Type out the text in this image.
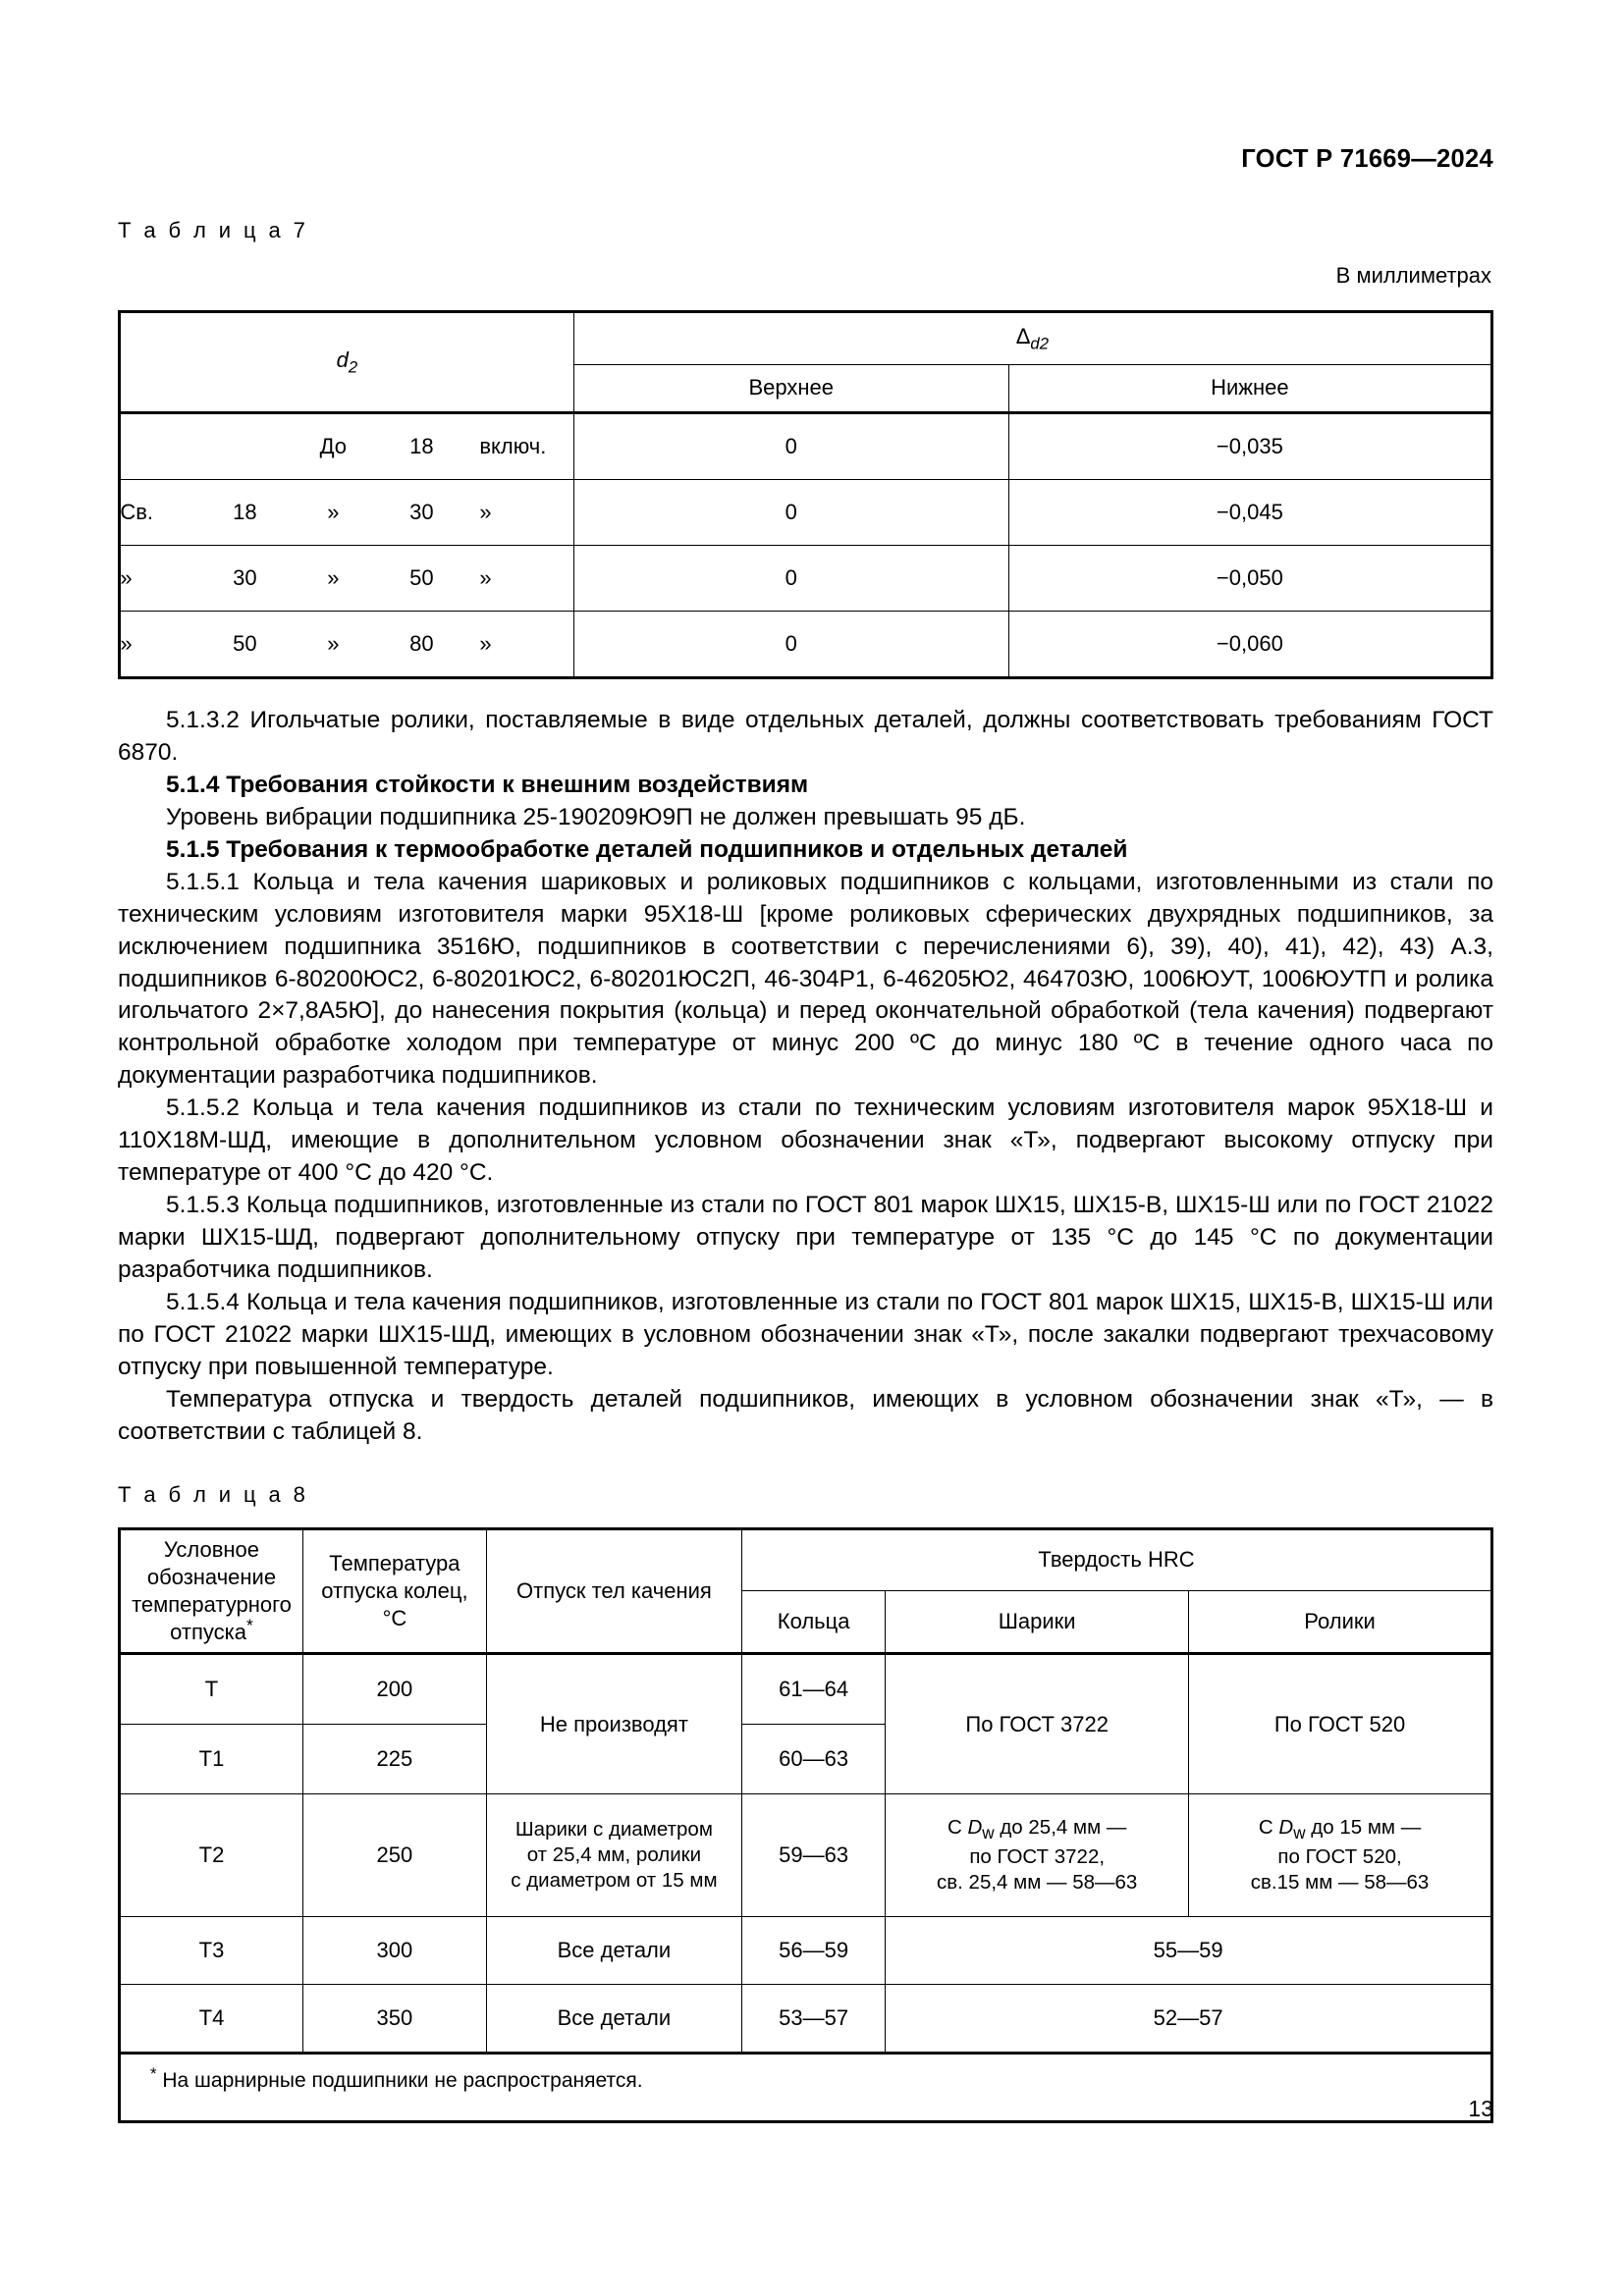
ГОСТ Р 71669—2024
Т а б л и ц а 7
В миллиметрах
$d_2$	$\Delta_{d2}$
	Верхнее	Нижнее

До 18 включ.	0	−0,035

Св. 18 » 30 »	0	−0,045

» 30 » 50 »	0	−0,050

» 50 » 80 »	0	−0,060

5.1.3.2 Игольчатые ролики, поставляемые в виде отдельных деталей, должны соответствовать требованиям ГОСТ 6870.

5.1.4 Требования стойкости к внешним воздействиям

Уровень вибрации подшипника 25-190209Ю9П не должен превышать 95 дБ.

5.1.5 Требования к термообработке деталей подшипников и отдельных деталей

5.1.5.1 Кольца и тела качения шариковых и роликовых подшипников с кольцами, изготовленными из стали по техническим условиям изготовителя марки 95Х18-Ш [кроме роликовых сферических двухрядных подшипников, за исключением подшипника 3516Ю, подшипников в соответствии с перечислениями 6), 39), 40), 41), 42), 43) А.3, подшипников 6-80200ЮС2, 6-80201ЮС2, 6-80201ЮС2П, 46-304Р1, 6-46205Ю2, 464703Ю, 1006ЮУТ, 1006ЮУТП и ролика игольчатого 2×7,8А5Ю], до нанесения покрытия (кольца) и перед окончательной обработкой (тела качения) подвергают контрольной обработке холодом при температуре от минус 200 ºС до минус 180 ºС в течение одного часа по документации разработчика подшипников.

5.1.5.2 Кольца и тела качения подшипников из стали по техническим условиям изготовителя марок 95Х18-Ш и 110Х18М-ШД, имеющие в дополнительном условном обозначении знак «Т», подвергают высокому отпуску при температуре от 400 °С до 420 °С.

5.1.5.3 Кольца подшипников, изготовленные из стали по ГОСТ 801 марок ШХ15, ШХ15-В, ШХ15-Ш или по ГОСТ 21022 марки ШХ15-ШД, подвергают дополнительному отпуску при температуре от 135 °С до 145 °С по документации разработчика подшипников.

5.1.5.4 Кольца и тела качения подшипников, изготовленные из стали по ГОСТ 801 марок ШХ15, ШХ15-В, ШХ15-Ш или по ГОСТ 21022 марки ШХ15-ШД, имеющих в условном обозначении знак «Т», после закалки подвергают трехчасовому отпуску при повышенной температуре.

Температура отпуска и твердость деталей подшипников, имеющих в условном обозначении знак «Т», — в соответствии с таблицей 8.

Т а б л и ц а 8
Условное обозначение температурного отпуска*	Температура отпуска колец, °С	Отпуск тел качения	Твердость HRC		
			Кольца	Шарики	Ролики
Т	200	Не производят	61—64	По ГОСТ 3722	По ГОСТ 520
Т1	225		60—63		
Т2	250	Шарики с диаметром
от 25,4 мм, ролики
с диаметром от 15 мм	59—63	С $D_w$ до 25,4 мм —
по ГОСТ 3722,
св. 25,4 мм — 58—63	С $D_w$ до 15 мм —
по ГОСТ 520,
св.15 мм — 58—63
Т3	300	Все детали	56—59	55—59	
Т4	350	Все детали	53—57	52—57	
* На шарнирные подшипники не распространяется.					
13
